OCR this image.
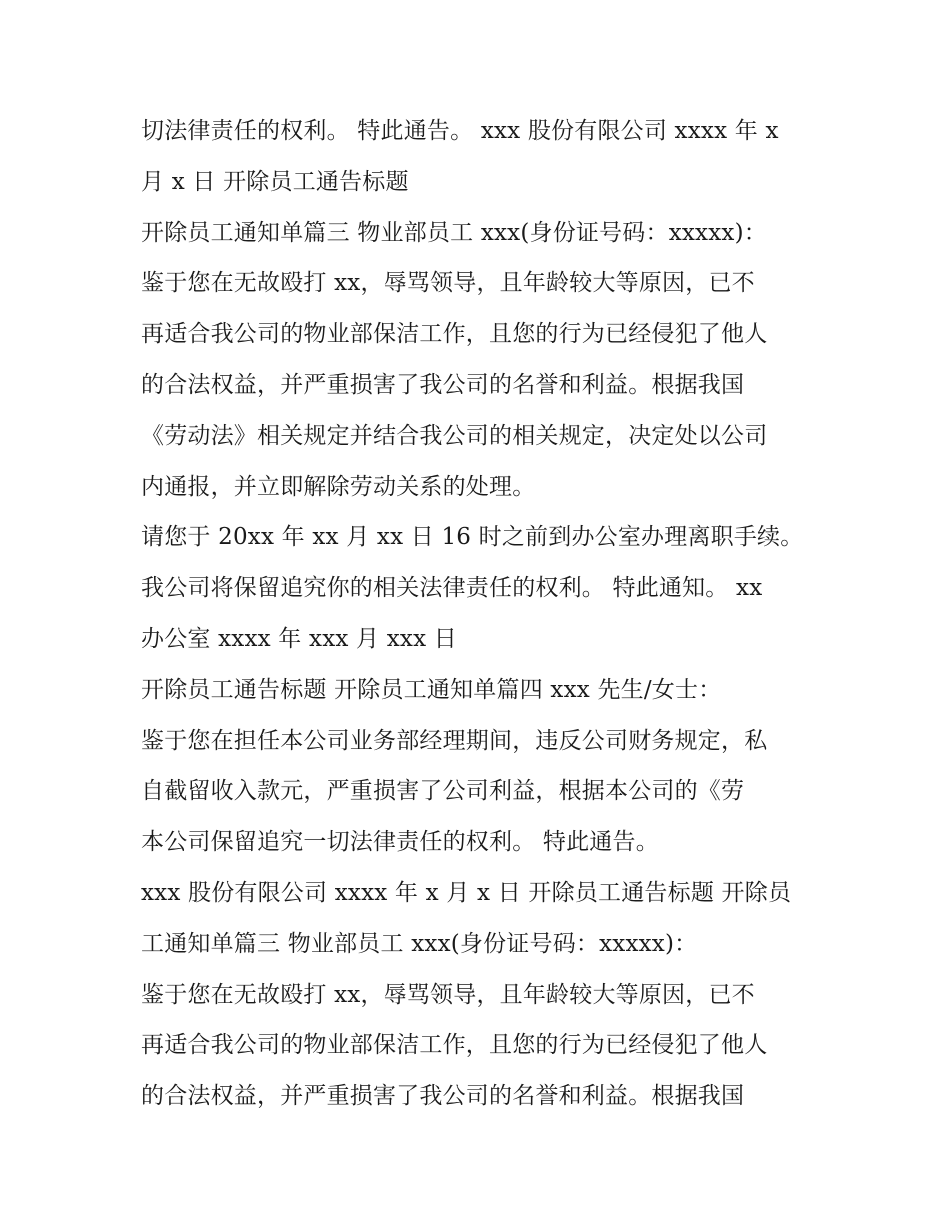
切法律责任的权利。 特此通告。 xxx 股份有限公司 xxxx 年 x
月 x 日 开除员工通告标题
开除员工通知单篇三 物业部员工 xxx(身份证号码：xxxxx)：
鉴于您在无故殴打 xx，辱骂领导，且年龄较大等原因，已不
再适合我公司的物业部保洁工作，且您的行为已经侵犯了他人
的合法权益，并严重损害了我公司的名誉和利益。根据我国
《劳动法》相关规定并结合我公司的相关规定，决定处以公司
内通报，并立即解除劳动关系的处理。
请您于 20xx 年 xx 月 xx 日 16 时之前到办公室办理离职手续。
我公司将保留追究你的相关法律责任的权利。 特此通知。 xx
办公室 xxxx 年 xxx 月 xxx 日
开除员工通告标题 开除员工通知单篇四 xxx 先生/女士：
鉴于您在担任本公司业务部经理期间，违反公司财务规定，私
自截留收入款元，严重损害了公司利益，根据本公司的《劳
本公司保留追究一切法律责任的权利。 特此通告。
xxx 股份有限公司 xxxx 年 x 月 x 日 开除员工通告标题 开除员
工通知单篇三 物业部员工 xxx(身份证号码：xxxxx)：
鉴于您在无故殴打 xx，辱骂领导，且年龄较大等原因，已不
再适合我公司的物业部保洁工作，且您的行为已经侵犯了他人
的合法权益，并严重损害了我公司的名誉和利益。根据我国
